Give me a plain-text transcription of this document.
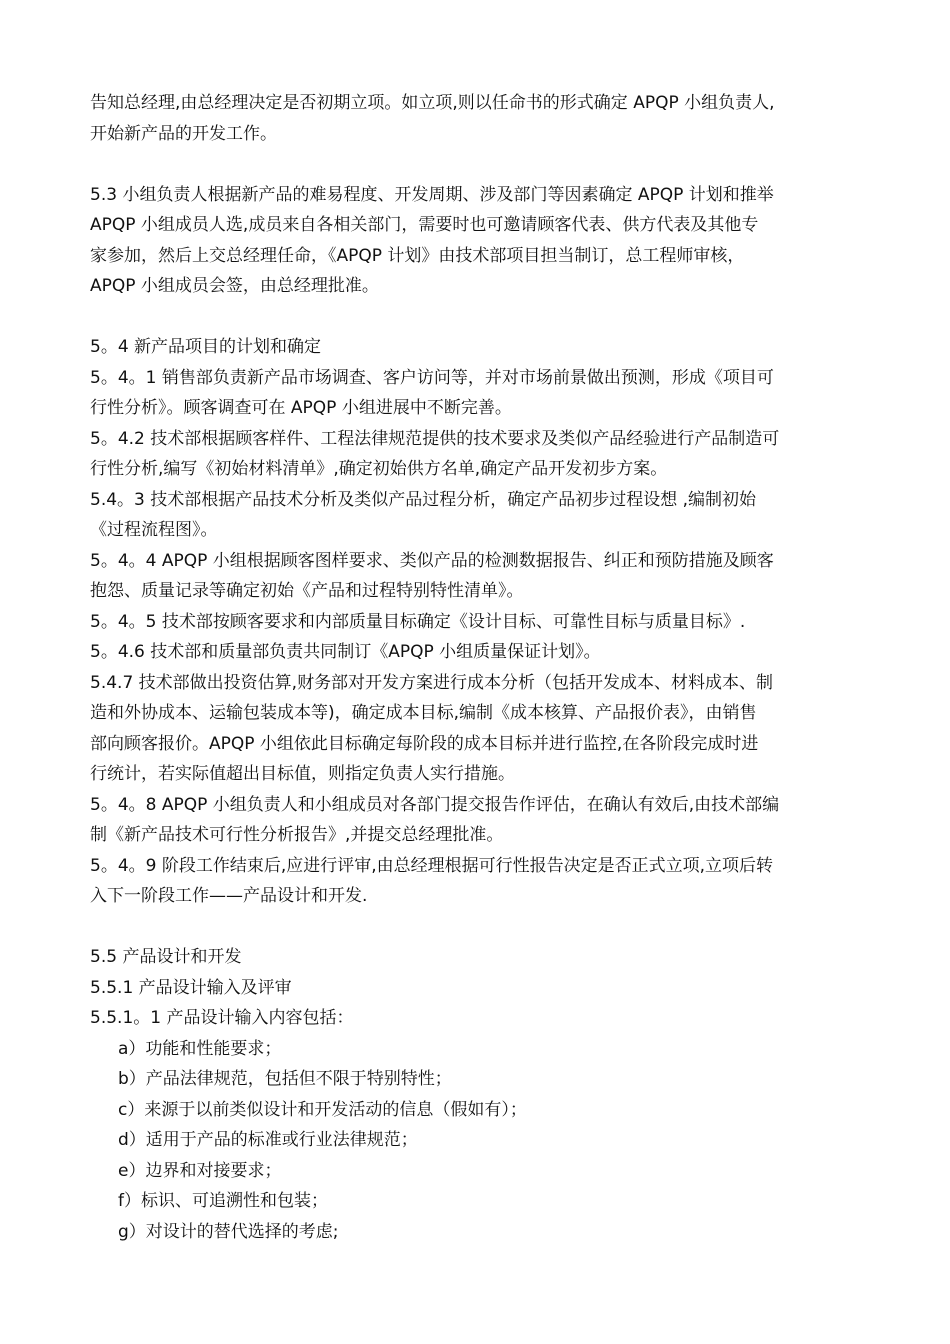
告知总经理,由总经理决定是否初期立项。如立项,则以任命书的形式确定 APQP 小组负责人,
开始新产品的开发工作。
5.3 小组负责人根据新产品的难易程度、开发周期、涉及部门等因素确定 APQP 计划和推举
APQP 小组成员人选,成员来自各相关部门，需要时也可邀请顾客代表、供方代表及其他专
家参加，然后上交总经理任命，《APQP 计划》由技术部项目担当制订，总工程师审核，
APQP 小组成员会签，由总经理批准。
5。4 新产品项目的计划和确定
5。4。1 销售部负责新产品市场调查、客户访问等，并对市场前景做出预测，形成《项目可
行性分析》。顾客调查可在 APQP 小组进展中不断完善。
5。4.2 技术部根据顾客样件、工程法律规范提供的技术要求及类似产品经验进行产品制造可
行性分析,编写《初始材料清单》,确定初始供方名单,确定产品开发初步方案。
5.4。3 技术部根据产品技术分析及类似产品过程分析，确定产品初步过程设想 ,编制初始
《过程流程图》。
5。4。4 APQP 小组根据顾客图样要求、类似产品的检测数据报告、纠正和预防措施及顾客
抱怨、质量记录等确定初始《产品和过程特别特性清单》。
5。4。5 技术部按顾客要求和内部质量目标确定《设计目标、可靠性目标与质量目标》.
5。4.6 技术部和质量部负责共同制订《APQP 小组质量保证计划》。
5.4.7 技术部做出投资估算,财务部对开发方案进行成本分析（包括开发成本、材料成本、制
造和外协成本、运输包装成本等)，确定成本目标,编制《成本核算、产品报价表》，由销售
部向顾客报价。APQP 小组依此目标确定每阶段的成本目标并进行监控,在各阶段完成时进
行统计，若实际值超出目标值，则指定负责人实行措施。
5。4。8 APQP 小组负责人和小组成员对各部门提交报告作评估，在确认有效后,由技术部编
制《新产品技术可行性分析报告》,并提交总经理批准。
5。4。9 阶段工作结束后,应进行评审,由总经理根据可行性报告决定是否正式立项,立项后转
入下一阶段工作——产品设计和开发.
5.5 产品设计和开发
5.5.1 产品设计输入及评审
5.5.1。1 产品设计输入内容包括：
a）功能和性能要求；
b）产品法律规范，包括但不限于特别特性；
c）来源于以前类似设计和开发活动的信息（假如有）；
d）适用于产品的标准或行业法律规范；
e）边界和对接要求；
f）标识、可追溯性和包装；
g）对设计的替代选择的考虑;
